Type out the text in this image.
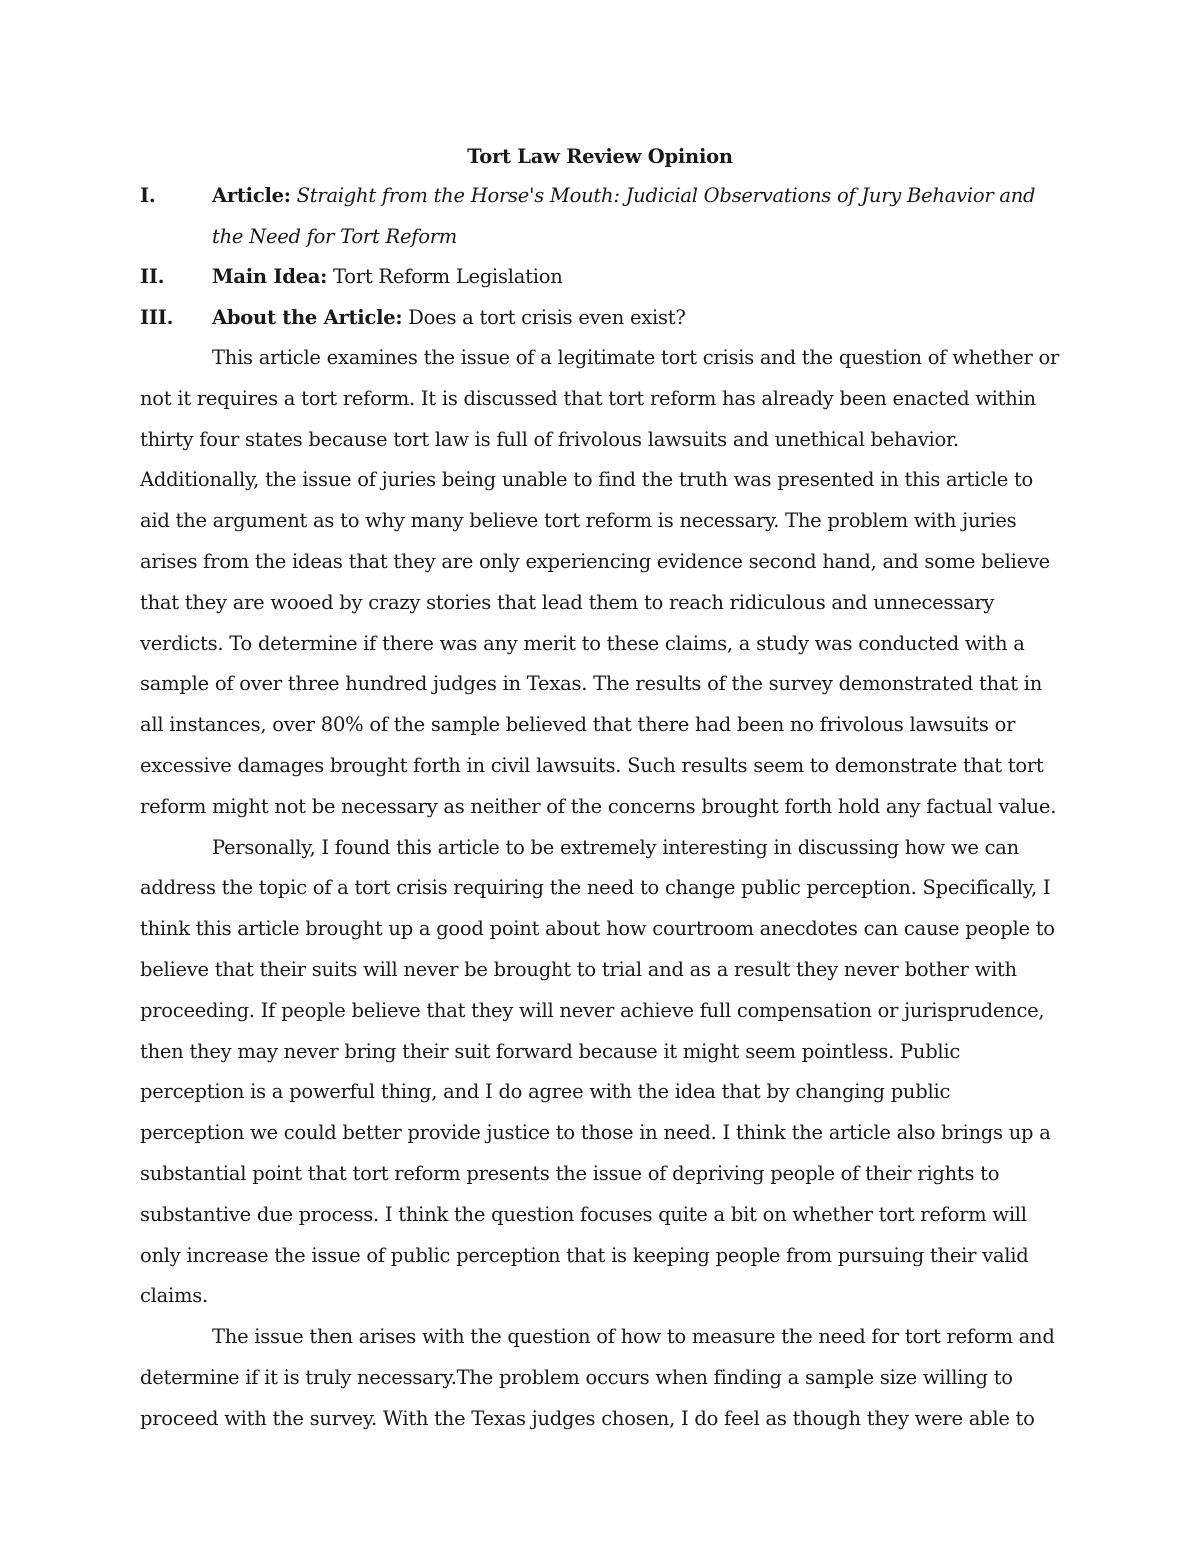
Tort Law Review Opinion
I.	Article: Straight from the Horse's Mouth: Judicial Observations of Jury Behavior and the Need for Tort Reform
II. Main Idea: Tort Reform Legislation
III. About the Article: Does a tort crisis even exist?

This article examines the issue of a legitimate tort crisis and the question of whether or not it requires a tort reform. It is discussed that tort reform has already been enacted within thirty four states because tort law is full of frivolous lawsuits and unethical behavior. Additionally, the issue of juries being unable to find the truth was presented in this article to aid the argument as to why many believe tort reform is necessary. The problem with juries arises from the ideas that they are only experiencing evidence second hand, and some believe that they are wooed by crazy stories that lead them to reach ridiculous and unnecessary verdicts. To determine if there was any merit to these claims, a study was conducted with a sample of over three hundred judges in Texas. The results of the survey demonstrated that in all instances, over 80% of the sample believed that there had been no frivolous lawsuits or excessive damages brought forth in civil lawsuits. Such results seem to demonstrate that tort reform might not be necessary as neither of the concerns brought forth hold any factual value.

Personally, I found this article to be extremely interesting in discussing how we can address the topic of a tort crisis requiring the need to change public perception. Specifically, I think this article brought up a good point about how courtroom anecdotes can cause people to believe that their suits will never be brought to trial and as a result they never bother with proceeding. If people believe that they will never achieve full compensation or jurisprudence, then they may never bring their suit forward because it might seem pointless. Public perception is a powerful thing, and I do agree with the idea that by changing public perception we could better provide justice to those in need. I think the article also brings up a substantial point that tort reform presents the issue of depriving people of their rights to substantive due process. I think the question focuses quite a bit on whether tort reform will only increase the issue of public perception that is keeping people from pursuing their valid claims.

The issue then arises with the question of how to measure the need for tort reform and determine if it is truly necessary.The problem occurs when finding a sample size willing to proceed with the survey. With the Texas judges chosen, I do feel as though they were able to
